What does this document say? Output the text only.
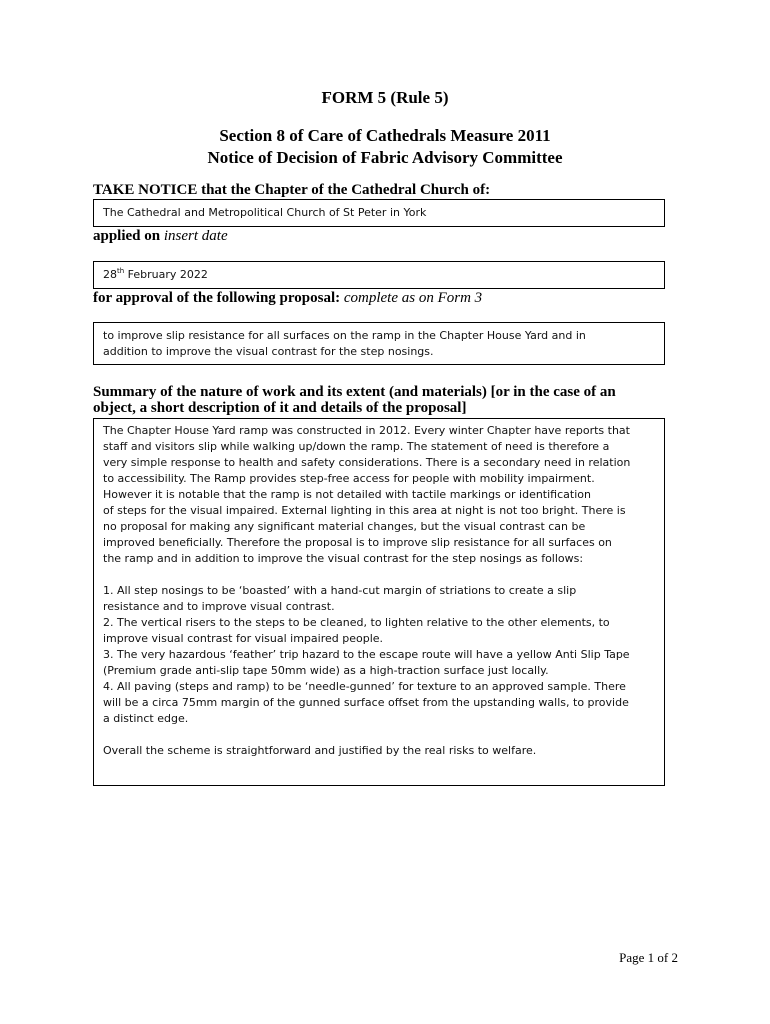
FORM 5 (Rule 5)
Section 8 of Care of Cathedrals Measure 2011
Notice of Decision of Fabric Advisory Committee
TAKE NOTICE that the Chapter of the Cathedral Church of:

The Cathedral and Metropolitical Church of St Peter in York

applied on insert date

28th February 2022

for approval of the following proposal: complete as on Form 3

to improve slip resistance for all surfaces on the ramp in the Chapter House Yard and in

addition to improve the visual contrast for the step nosings.

Summary of the nature of work and its extent (and materials) [or in the case of an
object, a short description of it and details of the proposal]

The Chapter House Yard ramp was constructed in 2012. Every winter Chapter have reports that

staff and visitors slip while walking up/down the ramp. The statement of need is therefore a

very simple response to health and safety considerations. There is a secondary need in relation

to accessibility. The Ramp provides step-free access for people with mobility impairment.

However it is notable that the ramp is not detailed with tactile markings or identification

of steps for the visual impaired. External lighting in this area at night is not too bright. There is

no proposal for making any significant material changes, but the visual contrast can be

improved beneficially. Therefore the proposal is to improve slip resistance for all surfaces on

the ramp and in addition to improve the visual contrast for the step nosings as follows:

1. All step nosings to be ‘boasted’ with a hand-cut margin of striations to create a slip

resistance and to improve visual contrast.

2. The vertical risers to the steps to be cleaned, to lighten relative to the other elements, to

improve visual contrast for visual impaired people.

3. The very hazardous ‘feather’ trip hazard to the escape route will have a yellow Anti Slip Tape

(Premium grade anti-slip tape 50mm wide) as a high-traction surface just locally.

4. All paving (steps and ramp) to be ‘needle-gunned’ for texture to an approved sample. There

will be a circa 75mm margin of the gunned surface offset from the upstanding walls, to provide

a distinct edge.

Overall the scheme is straightforward and justified by the real risks to welfare.

Page 1 of 2
